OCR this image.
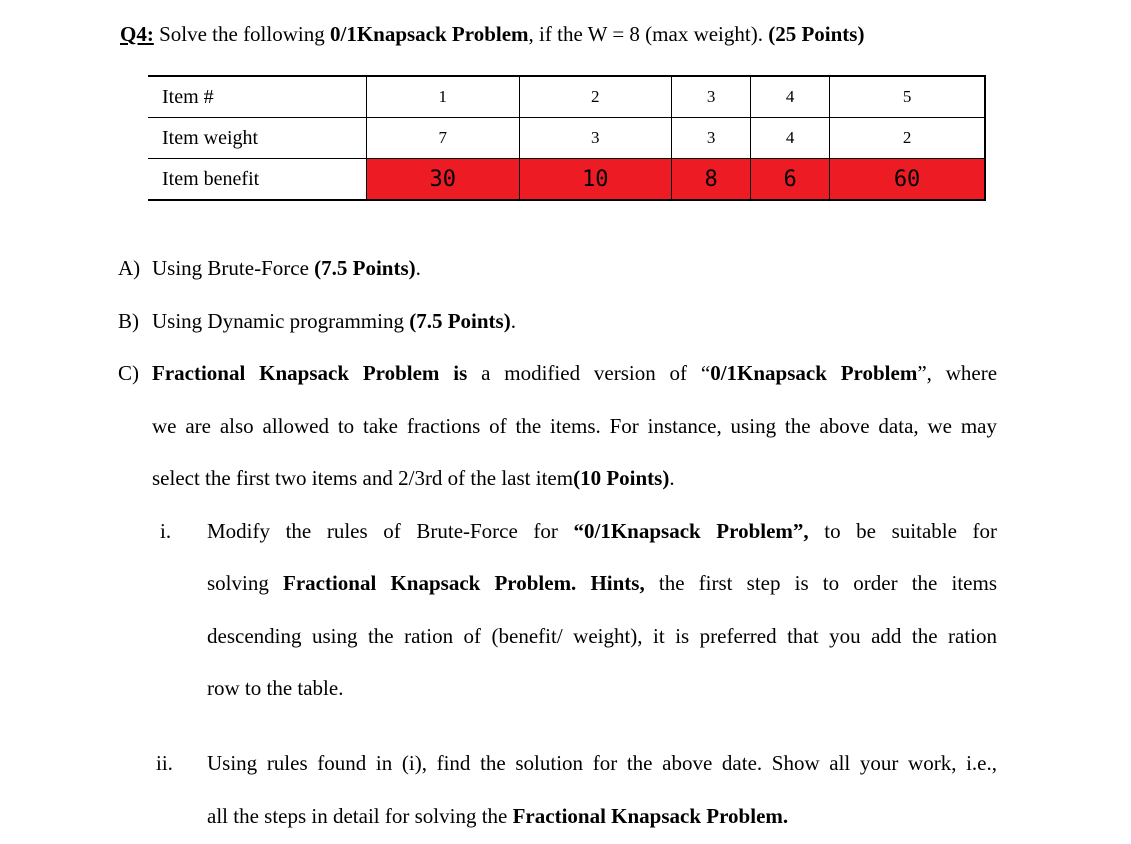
Q4: Solve the following 0/1Knapsack Problem, if the W = 8 (max weight). (25 Points)
Item #	1	2	3	4	5
Item weight	7	3	3	4	2
Item benefit	30	10	8	6	60
A) Using Brute-Force (7.5 Points).
B) Using Dynamic programming (7.5 Points).
C) Fractional Knapsack Problem is a modified version of “0/1Knapsack Problem”, where
we are also allowed to take fractions of the items. For instance, using the above data, we may
select the first two items and 2/3rd of the last item(10 Points).
i. Modify the rules of Brute-Force for “0/1Knapsack Problem”, to be suitable for
solving Fractional Knapsack Problem. Hints, the first step is to order the items
descending using the ration of (benefit/ weight), it is preferred that you add the ration
row to the table.
ii. Using rules found in (i), find the solution for the above date. Show all your work, i.e.,
all the steps in detail for solving the Fractional Knapsack Problem.
